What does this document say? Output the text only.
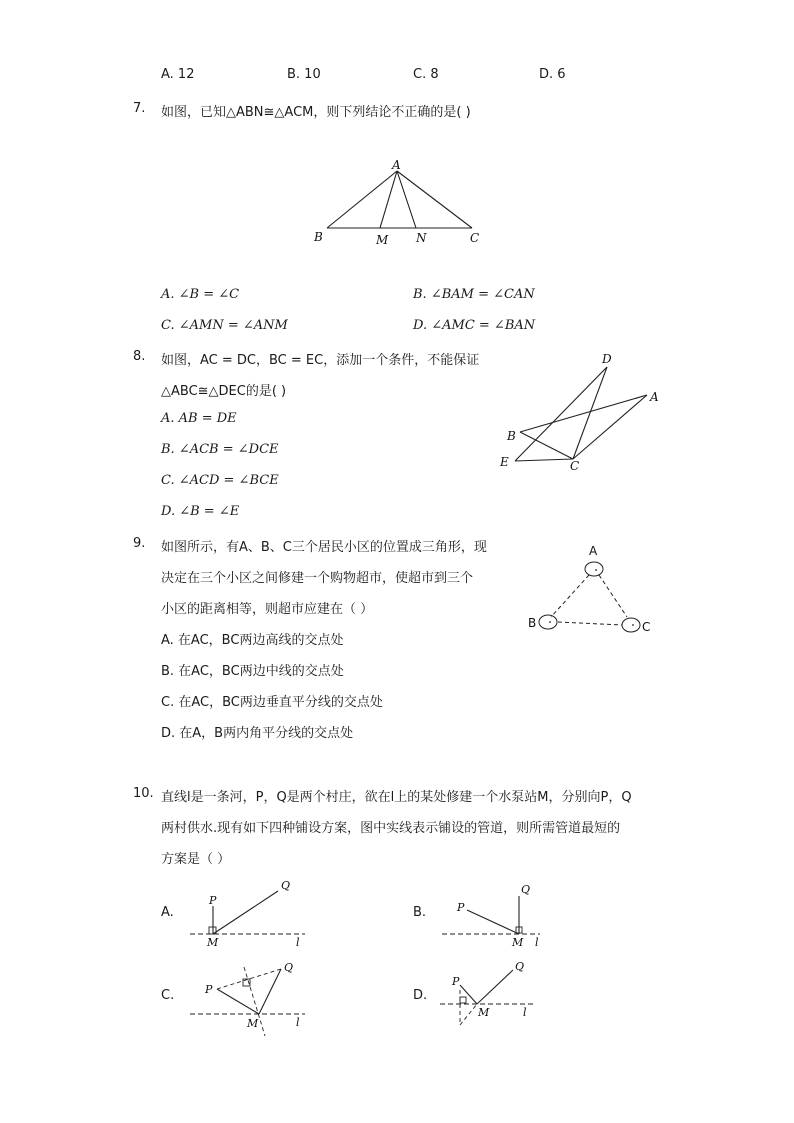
A. 12	B. 10	C. 8	D. 6
7. 如图，已知△ABN≅△ACM，则下列结论不正确的是( )
A
B	M N	C
A. ∠B = ∠C	B. ∠BAM = ∠CAN
C. ∠AMN = ∠ANM	D. ∠AMC = ∠BAN
8. 如图，AC = DC，BC = EC，添加一个条件，不能保证
△ABC≅△DEC的是( )
D
A
B
E	C
A. AB = DE
B. ∠ACB = ∠DCE
C. ∠ACD = ∠BCE
D. ∠B = ∠E
9. 如图所示，有A、B、C三个居民小区的位置成三角形，现
决定在三个小区之间修建一个购物超市，使超市到三个
小区的距离相等，则超市应建在（ ）
A
B	C
A. 在AC，BC两边高线的交点处
B. 在AC，BC两边中线的交点处
C. 在AC，BC两边垂直平分线的交点处
D. 在A，B两内角平分线的交点处
10. 直线l是一条河，P，Q是两个村庄，欲在l上的某处修建一个水泵站M，分别向P，Q
两村供水.现有如下四种铺设方案，图中实线表示铺设的管道，则所需管道最短的
方案是（ ）
A.	B.
C.	D.
P
Q
M	l
P
Q
M l
P
Q
M	l
P
Q
M	l
